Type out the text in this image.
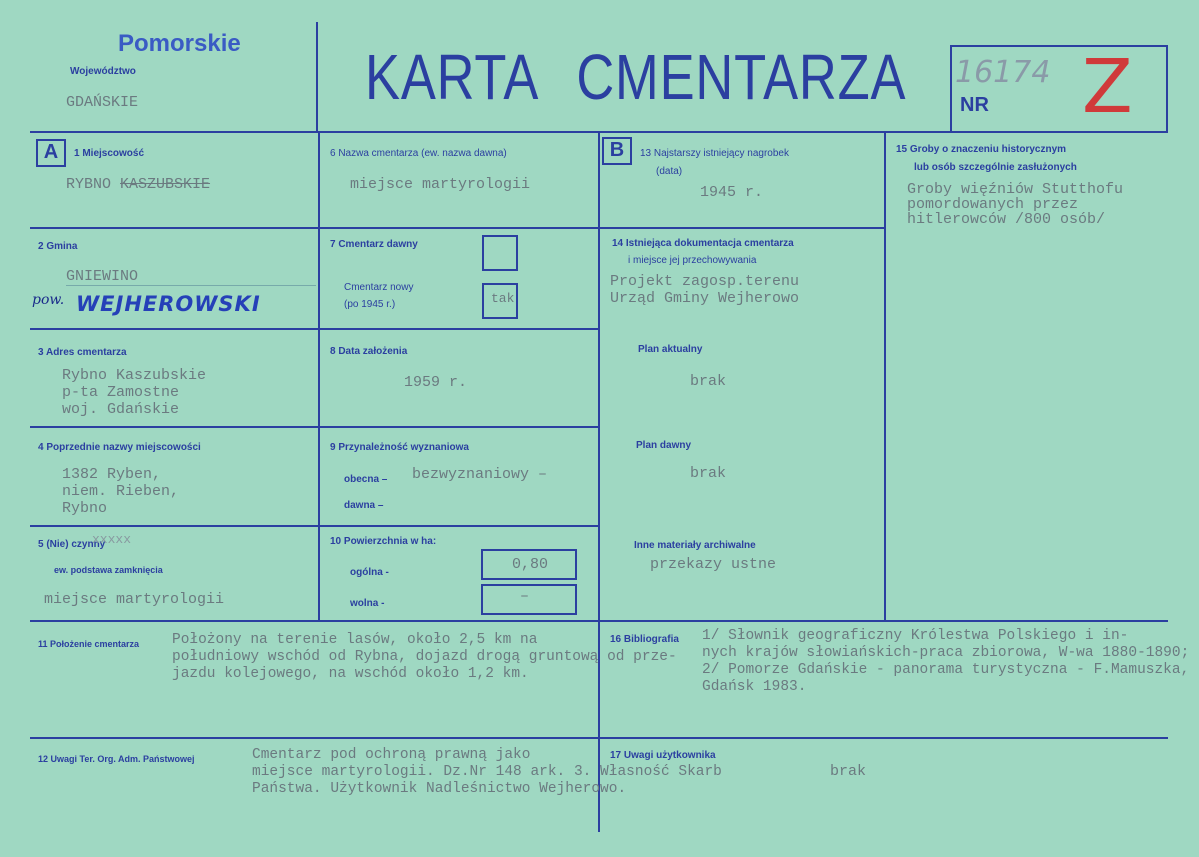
Pomorskie
Województwo
GDAŃSKIE	KARTA CMENTARZA 16174
NR Z
A	B
1 Miejscowość
RYBNO KASZUBSKIE
2 Gmina
GNIEWINO
pow. WEJHEROWSKI
3 Adres cmentarza
Rybno Kaszubskie
p-ta Zamostne
woj. Gdańskie
4 Poprzednie nazwy miejscowości
1382 Ryben,
niem. Rieben,
Rybno
5 (Nie) czynny
xxxxx
ew. podstawa zamknięcia
miejsce martyrologii
6 Nazwa cmentarza (ew. nazwa dawna)
miejsce martyrologii
7 Cmentarz dawny
Cmentarz nowy
(po 1945 r.)	tak
8 Data założenia
1959 r.
9 Przynależność wyznaniowa
obecna – bezwyznaniowy –
dawna –
10 Powierzchnia w ha:
ogólna -	0,80
wolna -	–
13 Najstarszy istniejący nagrobek
(data)
1945 r.
14 Istniejąca dokumentacja cmentarza
i miejsce jej przechowywania
Projekt zagosp.terenu
Urząd Gminy Wejherowo
Plan aktualny
brak
Plan dawny
brak
Inne materiały archiwalne
przekazy ustne
15 Groby o znaczeniu historycznym
lub osób szczególnie zasłużonych
Groby więźniów Stutthofu
pomordowanych przez
hitlerowców /800 osób/
11 Położenie cmentarza Położony na terenie lasów, około 2,5 km na
południowy wschód od Rybna, dojazd drogą gruntową od prze-
jazdu kolejowego, na wschód około 1,2 km.
16 Bibliografia 1/ Słownik geograficzny Królestwa Polskiego i in-
nych krajów słowiańskich-praca zbiorowa, W-wa 1880-1890;
2/ Pomorze Gdańskie - panorama turystyczna - F.Mamuszka,
Gdańsk 1983.
12 Uwagi Ter. Org. Adm. Państwowej	Cmentarz pod ochroną prawną jako
miejsce martyrologii. Dz.Nr 148 ark. 3. Własność Skarb
Państwa. Użytkownik Nadleśnictwo Wejherowo.
17 Uwagi użytkownika
brak
